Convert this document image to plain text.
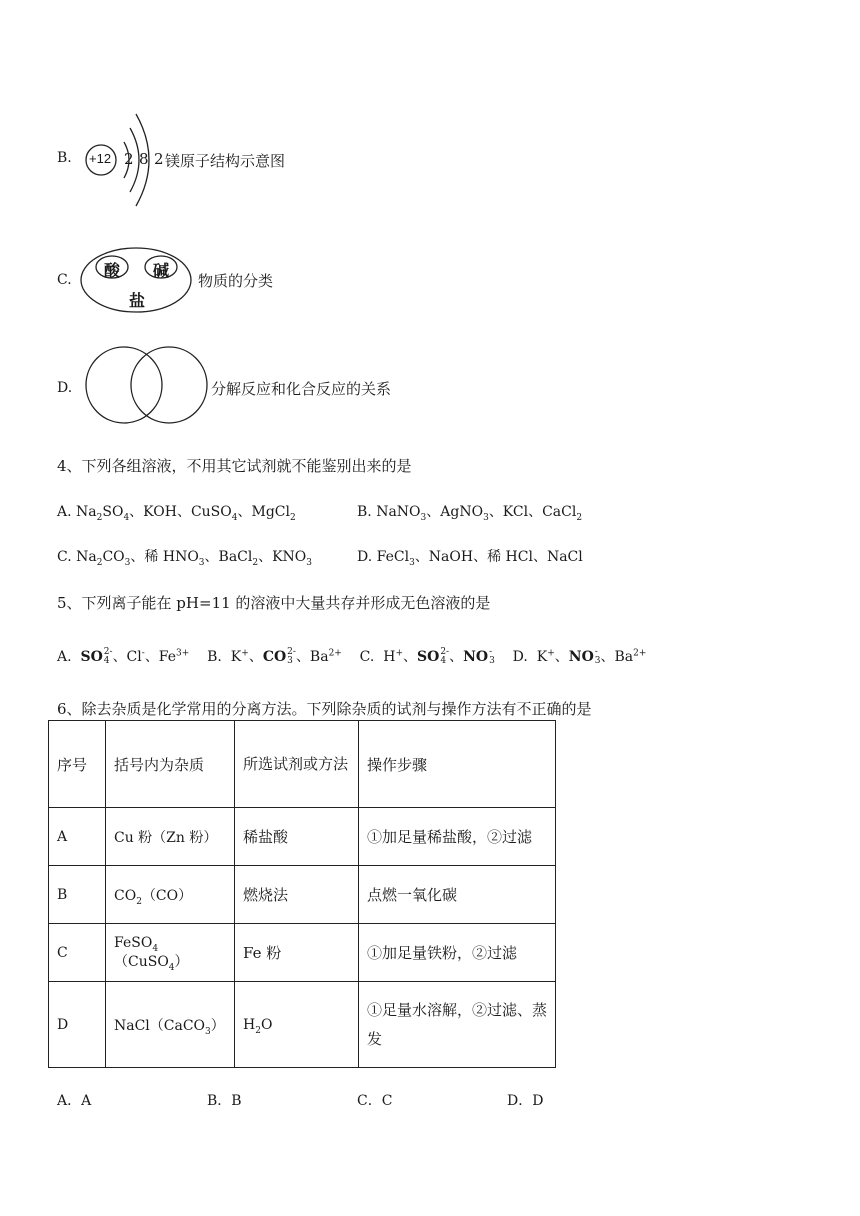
B. +12 2 8 2 镁原子结构示意图
C. 酸 碱
盐
物质的分类
D.	分解反应和化合反应的关系
4、下列各组溶液，不用其它试剂就不能鉴别出来的是
A. $Na_2SO_4$、KOH、CuSO$_4$、MgCl$_2$	B. NaNO$_3$、AgNO$_3$、KCl、CaCl$_2$
C. $Na_2CO_3$、稀 $HNO_3$、BaCl$_2$、$KNO_3$	D. FeCl$_3$、NaOH、稀 HCl、NaCl
5、下列离子能在 pH=11 的溶液中大量共存并形成无色溶液的是
A. SO 2-
4 、Cl-、$Fe^{3+}$ B. K+、CO 2-
3 、$Ba^{2+}$ C. H+、SO 2-
4 、NO -
3 D. K+、NO -
3 、$Ba^{2+}$
6、除去杂质是化学常用的分离方法。下列除杂质的试剂与操作方法有不正确的是
序号	括号内为杂质	所选试剂或方法	操作步骤
A	Cu 粉（Zn 粉）	稀盐酸	①加足量稀盐酸，②过滤
B	$CO_2(CO)$	燃烧法	点燃一氧化碳
C	FeSO$_4$（CuSO$_4$）	Fe 粉	①加足量铁粉，②过滤
D	NaCl（CaCO$_3$）	$H_2O$	①足量水溶解，②过滤、蒸发
A．A	B．B	C．C	D．D
